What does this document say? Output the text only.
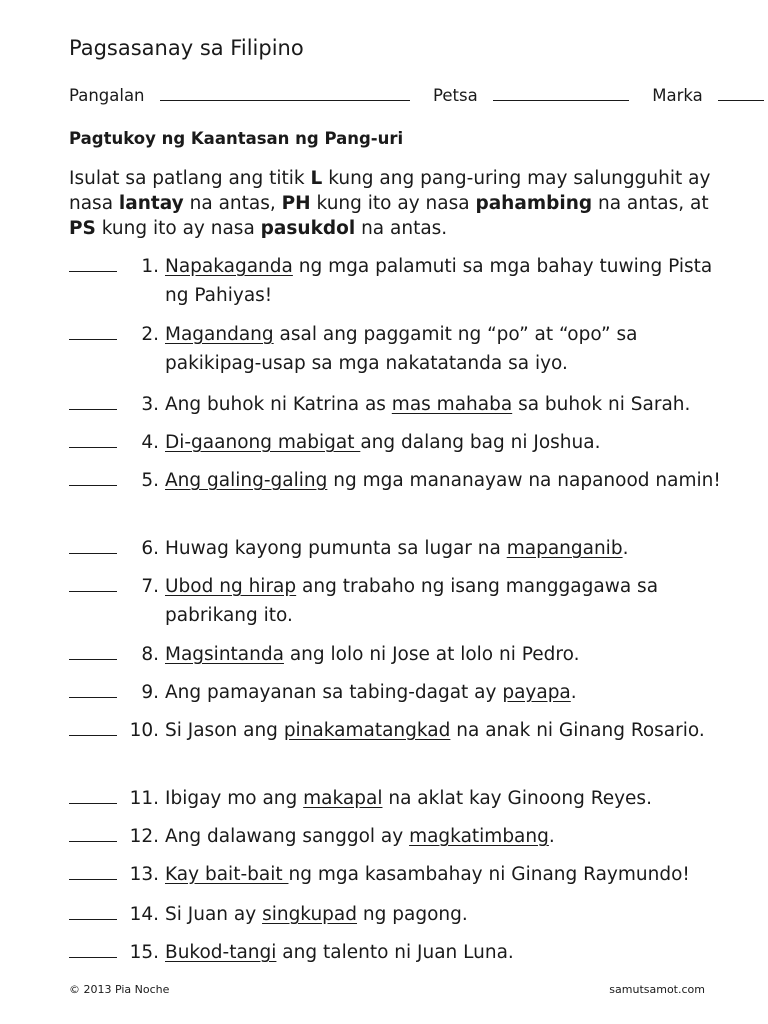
Pagsasanay sa Filipino
Pangalan	Petsa	Marka
Pagtukoy ng Kaantasan ng Pang-uri
Isulat sa patlang ang titik L kung ang pang-uring may salungguhit ay nasa lantay na antas, PH kung ito ay nasa pahambing na antas, at PS kung ito ay nasa pasukdol na antas.
1. Napakaganda ng mga palamuti sa mga bahay tuwing Pista ng Pahiyas!
2. Magandang asal ang paggamit ng “po” at “opo” sa pakikipag-usap sa mga nakatatanda sa iyo.
3. Ang buhok ni Katrina as mas mahaba sa buhok ni Sarah.
4. Di-gaanong mabigat ang dalang bag ni Joshua.
5. Ang galing-galing ng mga mananayaw na napanood namin!
6. Huwag kayong pumunta sa lugar na mapanganib.
7. Ubod ng hirap ang trabaho ng isang manggagawa sa pabrikang ito.
8. Magsintanda ang lolo ni Jose at lolo ni Pedro.
9. Ang pamayanan sa tabing-dagat ay payapa.
10. Si Jason ang pinakamatangkad na anak ni Ginang Rosario.
11. Ibigay mo ang makapal na aklat kay Ginoong Reyes.
12. Ang dalawang sanggol ay magkatimbang.
13. Kay bait-bait ng mga kasambahay ni Ginang Raymundo!
14. Si Juan ay singkupad ng pagong.
15. Bukod-tangi ang talento ni Juan Luna.
© 2013 Pia Noche	samutsamot.com
